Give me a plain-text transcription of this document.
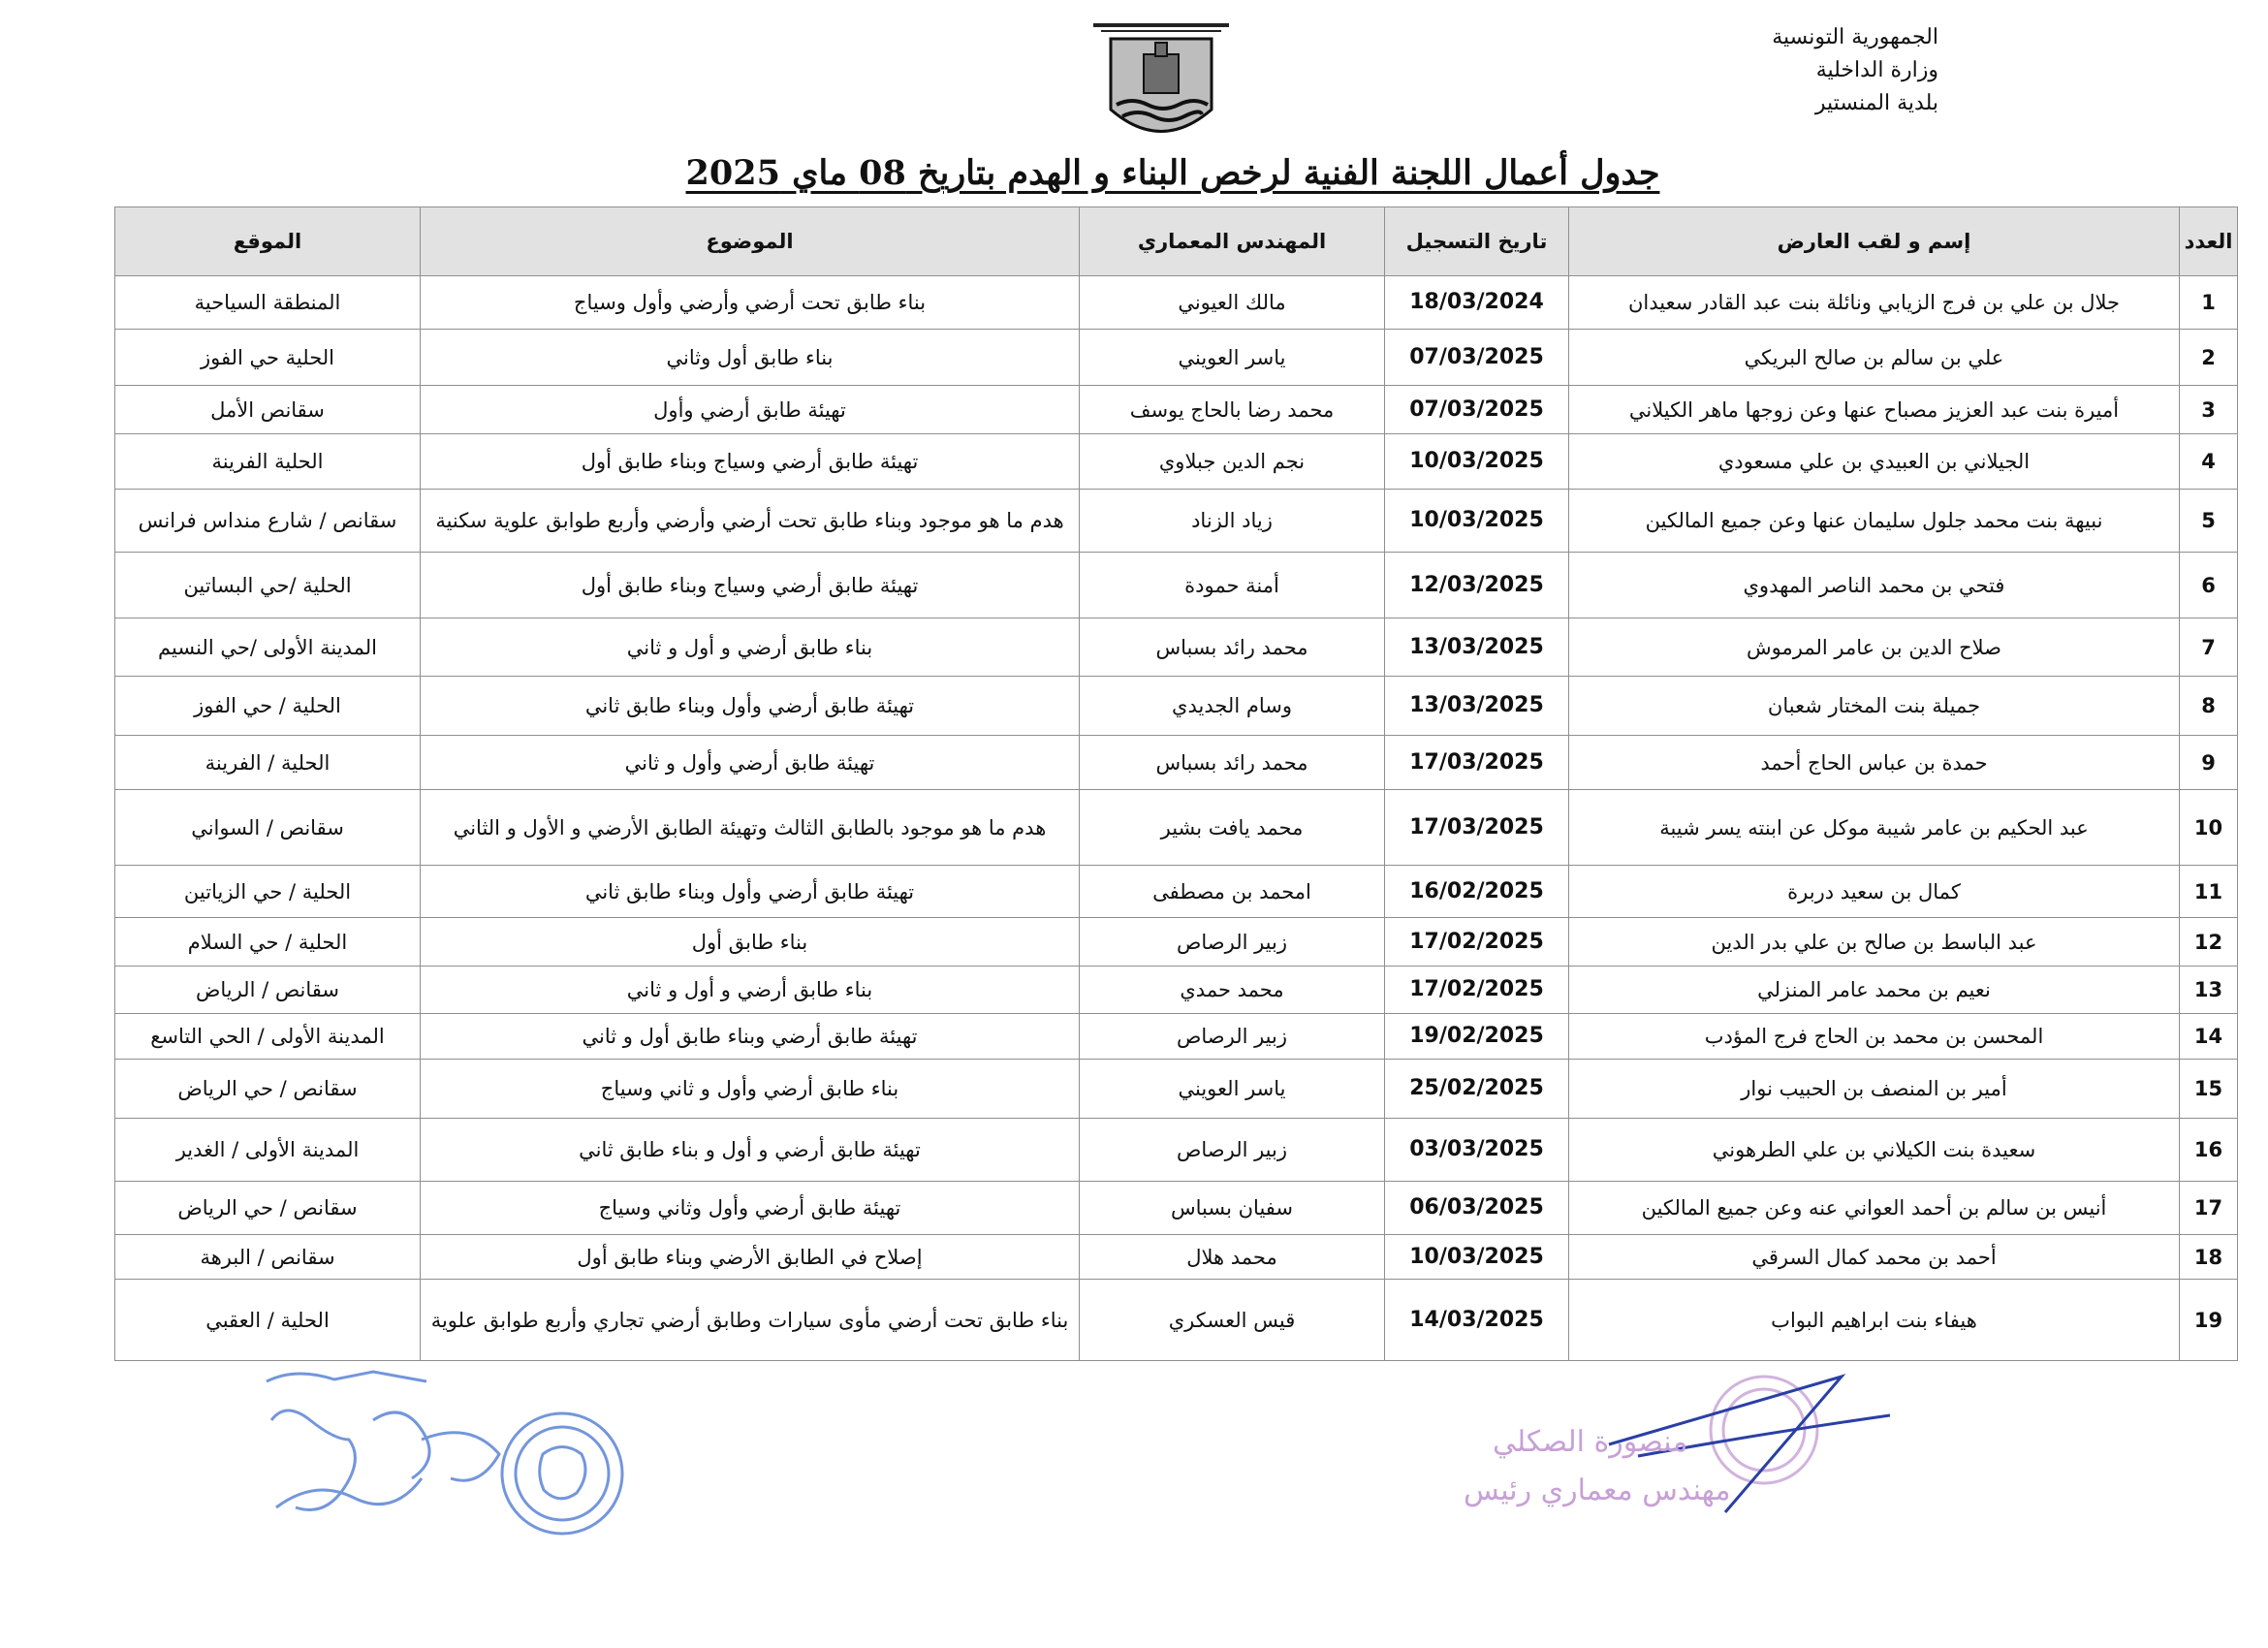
الجمهورية التونسية
وزارة الداخلية
بلدية المنستير
جدول أعمال اللجنة الفنية لرخص البناء و الهدم بتاريخ 08 ماي 2025
العدد	إسم و لقب العارض	تاريخ التسجيل	المهندس المعماري	الموضوع	الموقع
1	جلال بن علي بن فرج الزيابي ونائلة بنت عبد القادر سعيدان	18/03/2024	مالك العيوني	بناء طابق تحت أرضي وأرضي وأول وسياج	المنطقة السياحية
2	علي بن سالم بن صالح البريكي	07/03/2025	ياسر العويني	بناء طابق أول وثاني	الحلية حي الفوز
3	أميرة بنت عبد العزيز مصباح عنها وعن زوجها ماهر الكيلاني	07/03/2025	محمد رضا بالحاج يوسف	تهيئة طابق أرضي وأول	سقانص الأمل
4	الجيلاني بن العبيدي بن علي مسعودي	10/03/2025	نجم الدين جبلاوي	تهيئة طابق أرضي وسياج وبناء طابق أول	الحلية الفرينة
5	نبيهة بنت محمد جلول سليمان عنها وعن جميع المالكين	10/03/2025	زياد الزناد	هدم ما هو موجود وبناء طابق تحت أرضي وأرضي وأربع طوابق علوية سكنية	سقانص / شارع منداس فرانس
6	فتحي بن محمد الناصر المهدوي	12/03/2025	أمنة حمودة	تهيئة طابق أرضي وسياج وبناء طابق أول	الحلية /حي البساتين
7	صلاح الدين بن عامر المرموش	13/03/2025	محمد رائد بسباس	بناء طابق أرضي و أول و ثاني	المدينة الأولى /حي النسيم
8	جميلة بنت المختار شعبان	13/03/2025	وسام الجديدي	تهيئة طابق أرضي وأول وبناء طابق ثاني	الحلية / حي الفوز
9	حمدة بن عباس الحاج أحمد	17/03/2025	محمد رائد بسباس	تهيئة طابق أرضي وأول و ثاني	الحلية / الفرينة
10	عبد الحكيم بن عامر شيبة موكل عن ابنته يسر شيبة	17/03/2025	محمد يافت بشير	هدم ما هو موجود بالطابق الثالث وتهيئة الطابق الأرضي و الأول و الثاني	سقانص / السواني
11	كمال بن سعيد دربرة	16/02/2025	امحمد بن مصطفى	تهيئة طابق أرضي وأول وبناء طابق ثاني	الحلية / حي الزياتين
12	عبد الباسط بن صالح بن علي بدر الدين	17/02/2025	زبير الرصاص	بناء طابق أول	الحلية / حي السلام
13	نعيم بن محمد عامر المنزلي	17/02/2025	محمد حمدي	بناء طابق أرضي و أول و ثاني	سقانص / الرياض
14	المحسن بن محمد بن الحاج فرج المؤدب	19/02/2025	زبير الرصاص	تهيئة طابق أرضي وبناء طابق أول و ثاني	المدينة الأولى / الحي التاسع
15	أمير بن المنصف بن الحبيب نوار	25/02/2025	ياسر العويني	بناء طابق أرضي وأول و ثاني وسياج	سقانص / حي الرياض
16	سعيدة بنت الكيلاني بن علي الطرهوني	03/03/2025	زبير الرصاص	تهيئة طابق أرضي و أول و بناء طابق ثاني	المدينة الأولى / الغدير
17	أنيس بن سالم بن أحمد العواني عنه وعن جميع المالكين	06/03/2025	سفيان بسباس	تهيئة طابق أرضي وأول وثاني وسياج	سقانص / حي الرياض
18	أحمد بن محمد كمال السرقي	10/03/2025	محمد هلال	إصلاح في الطابق الأرضي وبناء طابق أول	سقانص / البرهة
19	هيفاء بنت ابراهيم البواب	14/03/2025	قيس العسكري	بناء طابق تحت أرضي مأوى سيارات وطابق أرضي تجاري وأربع طوابق علوية	الحلية / العقبي
منصورة الصكلي
مهندس معماري رئيس
